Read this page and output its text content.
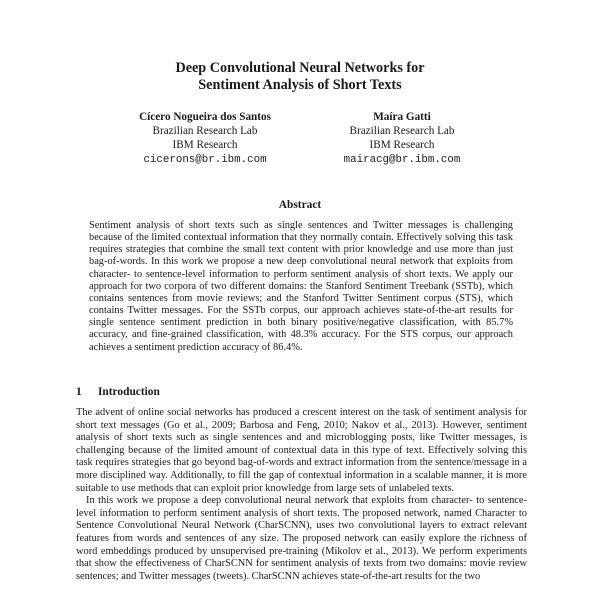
Deep Convolutional Neural Networks for
Sentiment Analysis of Short Texts
Cícero Nogueira dos Santos
Brazilian Research Lab
IBM Research
cicerons@br.ibm.com
Maíra Gatti
Brazilian Research Lab
IBM Research
mairacg@br.ibm.com
Abstract

Sentiment analysis of short texts such as single sentences and Twitter messages is challenging because of the limited contextual information that they normally contain. Effectively solving this task requires strategies that combine the small text content with prior knowledge and use more than just bag-of-words. In this work we propose a new deep convolutional neural network that exploits from character- to sentence-level information to perform sentiment analysis of short texts. We apply our approach for two corpora of two different domains: the Stanford Sentiment Treebank (SSTb), which contains sentences from movie reviews; and the Stanford Twitter Sentiment corpus (STS), which contains Twitter messages. For the SSTb corpus, our approach achieves state-of-the-art results for single sentence sentiment prediction in both binary positive/negative classification, with 85.7% accuracy, and fine-grained classification, with 48.3% accuracy. For the STS corpus, our approach achieves a sentiment prediction accuracy of 86.4%.

1 Introduction

The advent of online social networks has produced a crescent interest on the task of sentiment analysis for short text messages (Go et al., 2009; Barbosa and Feng, 2010; Nakov et al., 2013). However, sentiment analysis of short texts such as single sentences and and microblogging posts, like Twitter messages, is challenging because of the limited amount of contextual data in this type of text. Effectively solving this task requires strategies that go beyond bag-of-words and extract information from the sentence/message in a more disciplined way. Additionally, to fill the gap of contextual information in a scalable manner, it is more suitable to use methods that can exploit prior knowledge from large sets of unlabeled texts.

In this work we propose a deep convolutional neural network that exploits from character- to sentence-level information to perform sentiment analysis of short texts. The proposed network, named Character to Sentence Convolutional Neural Network (CharSCNN), uses two convolutional layers to extract relevant features from words and sentences of any size. The proposed network can easily explore the richness of word embeddings produced by unsupervised pre-training (Mikolov et al., 2013). We perform experiments that show the effectiveness of CharSCNN for sentiment analysis of texts from two domains: movie review sentences; and Twitter messages (tweets). CharSCNN achieves state-of-the-art results for the two
